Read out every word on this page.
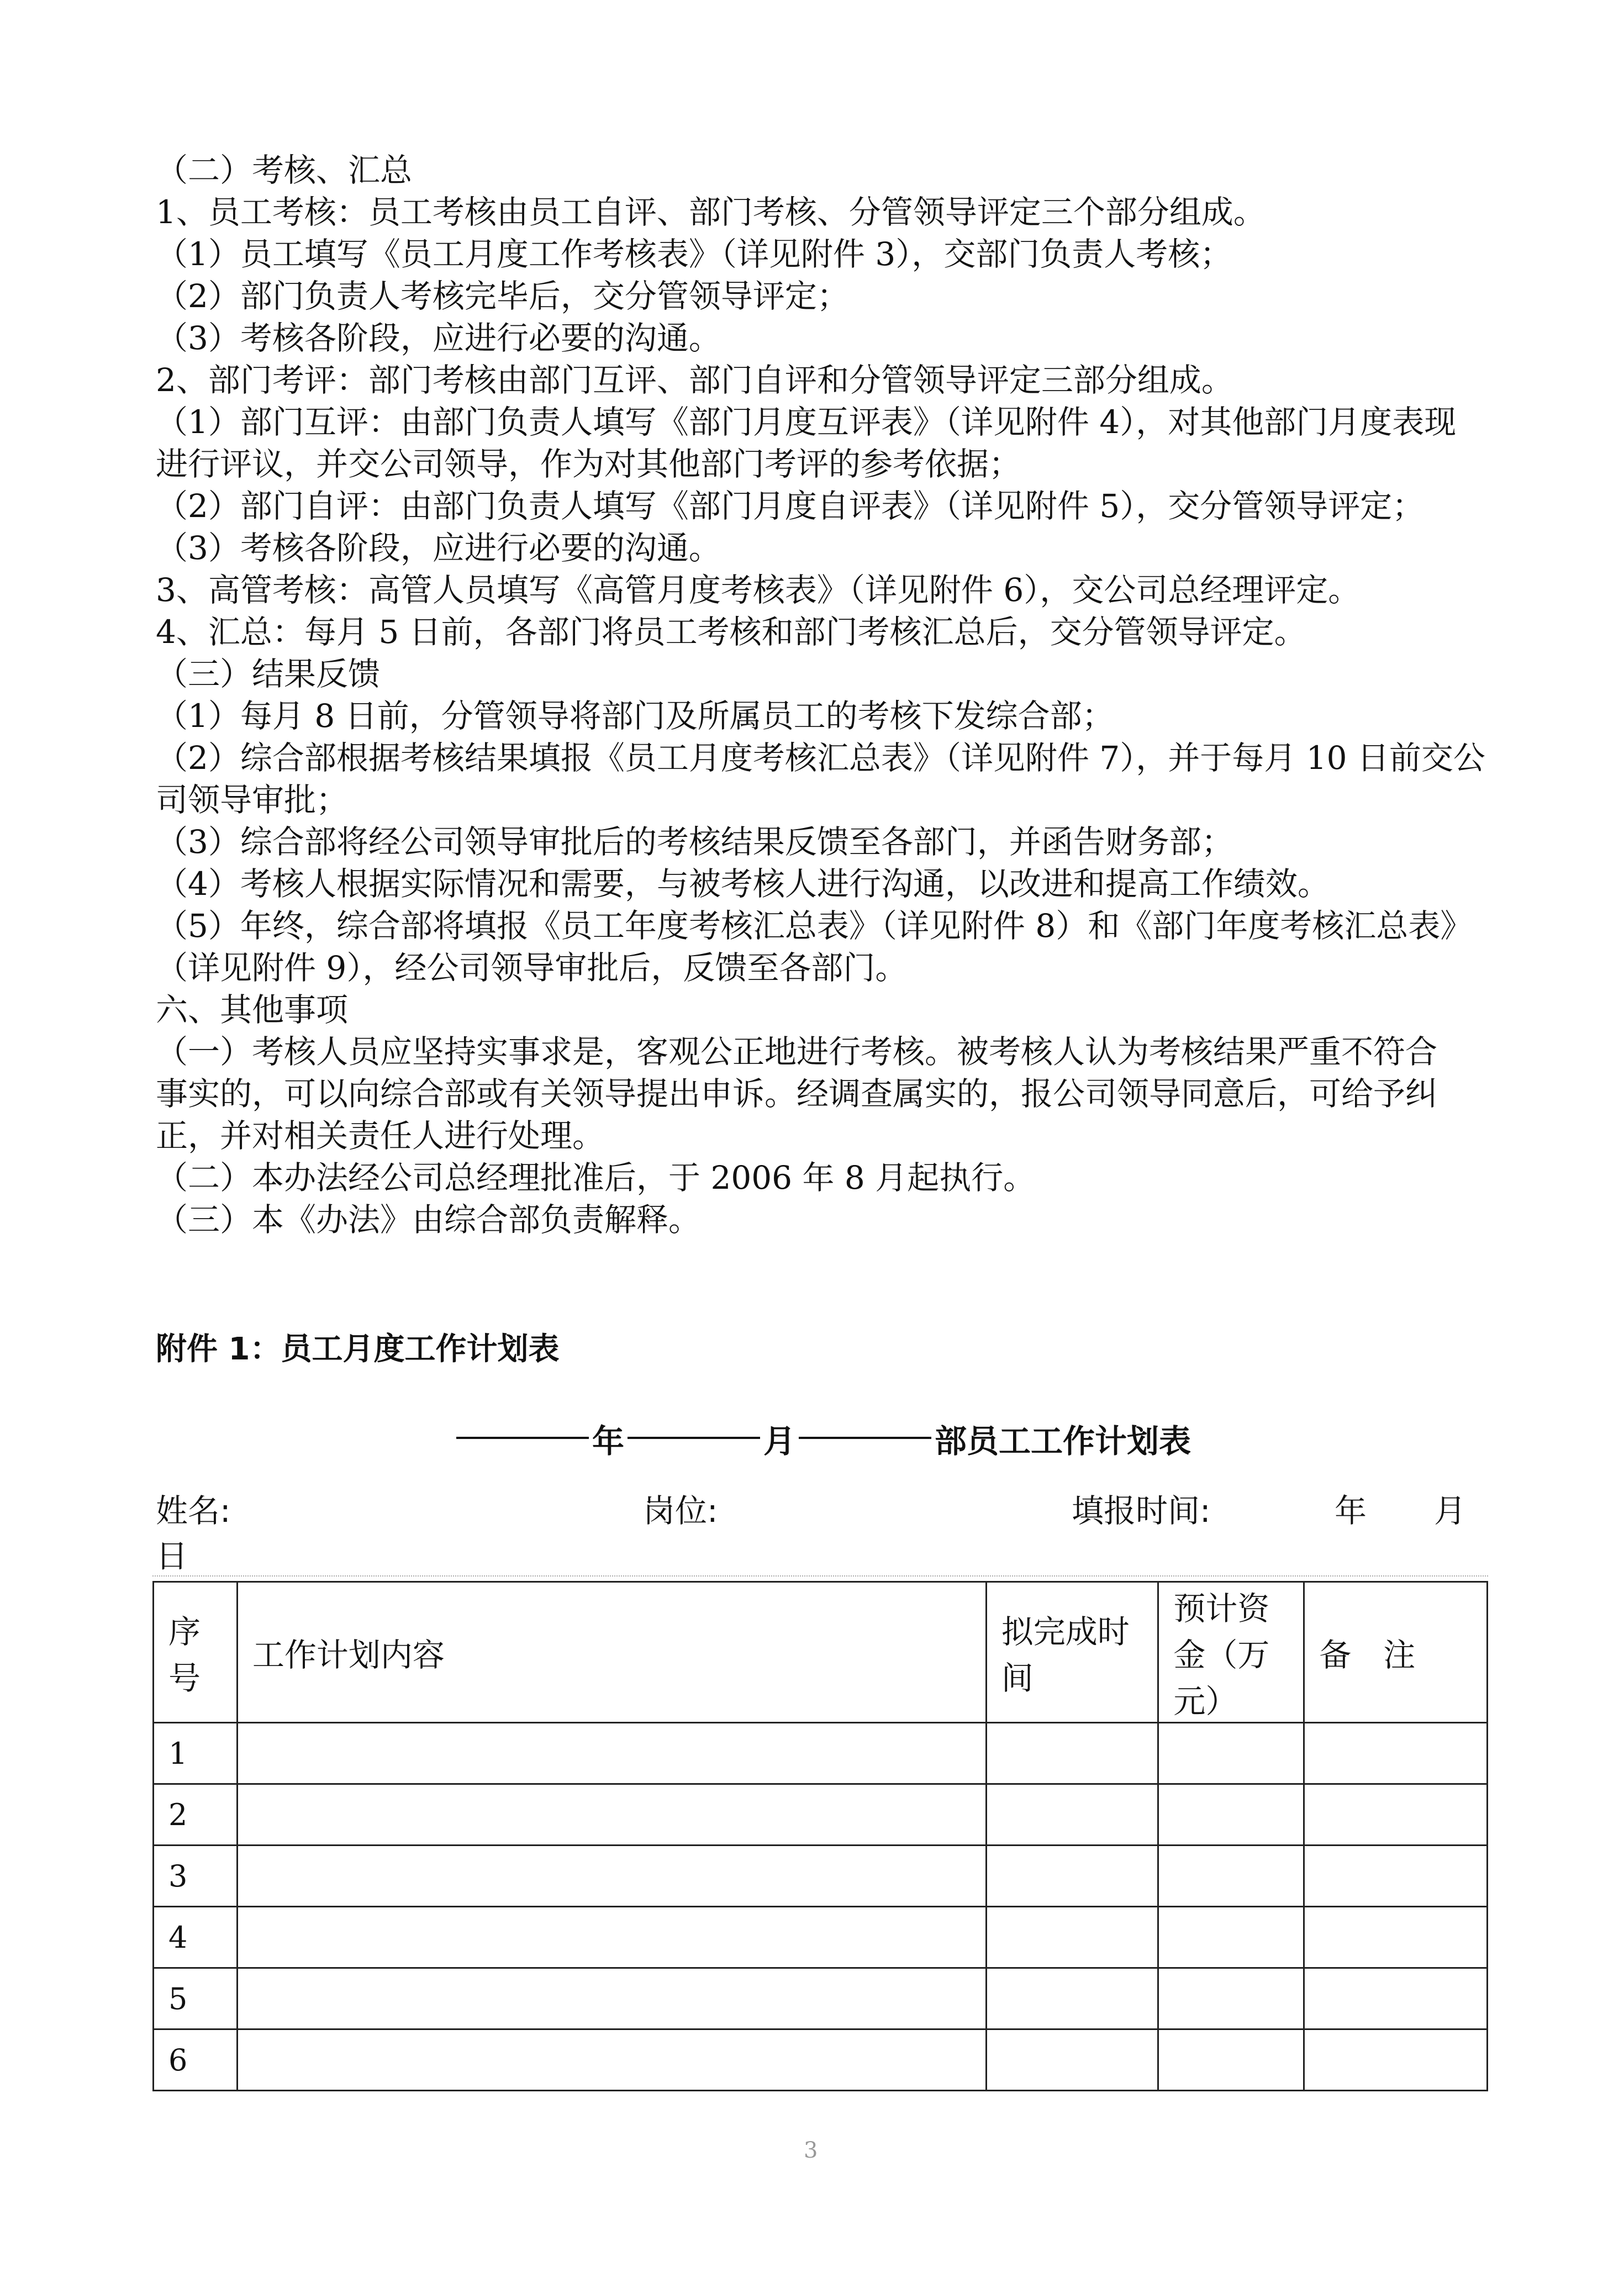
（二）考核、汇总
1、员工考核：员工考核由员工自评、部门考核、分管领导评定三个部分组成。
（1）员工填写《员工月度工作考核表》（详见附件 3），交部门负责人考核；
（2）部门负责人考核完毕后，交分管领导评定；
（3）考核各阶段，应进行必要的沟通。
2、部门考评：部门考核由部门互评、部门自评和分管领导评定三部分组成。
（1）部门互评：由部门负责人填写《部门月度互评表》（详见附件 4），对其他部门月度表现
进行评议，并交公司领导，作为对其他部门考评的参考依据；
（2）部门自评：由部门负责人填写《部门月度自评表》（详见附件 5），交分管领导评定；
（3）考核各阶段，应进行必要的沟通。
3、高管考核：高管人员填写《高管月度考核表》（详见附件 6），交公司总经理评定。
4、汇总：每月 5 日前，各部门将员工考核和部门考核汇总后，交分管领导评定。
（三）结果反馈
（1）每月 8 日前，分管领导将部门及所属员工的考核下发综合部；
（2）综合部根据考核结果填报《员工月度考核汇总表》（详见附件 7），并于每月 10 日前交公
司领导审批；
（3）综合部将经公司领导审批后的考核结果反馈至各部门，并函告财务部；
（4）考核人根据实际情况和需要，与被考核人进行沟通，以改进和提高工作绩效。
（5）年终，综合部将填报《员工年度考核汇总表》（详见附件 8）和《部门年度考核汇总表》
（详见附件 9），经公司领导审批后，反馈至各部门。
六、其他事项
（一）考核人员应坚持实事求是，客观公正地进行考核。被考核人认为考核结果严重不符合
事实的，可以向综合部或有关领导提出申诉。经调查属实的，报公司领导同意后，可给予纠
正，并对相关责任人进行处理。
（二）本办法经公司总经理批准后，于 2006 年 8 月起执行。
（三）本《办法》由综合部负责解释。
附件 1：员工月度工作计划表
年	月	部员工工作计划表
姓名:	岗位:	填报时间:	年 月
日
序号	工作计划内容	拟完成时间	预计资金（万元）	备　注
1				
2				
3				
4				
5				
6				
3
